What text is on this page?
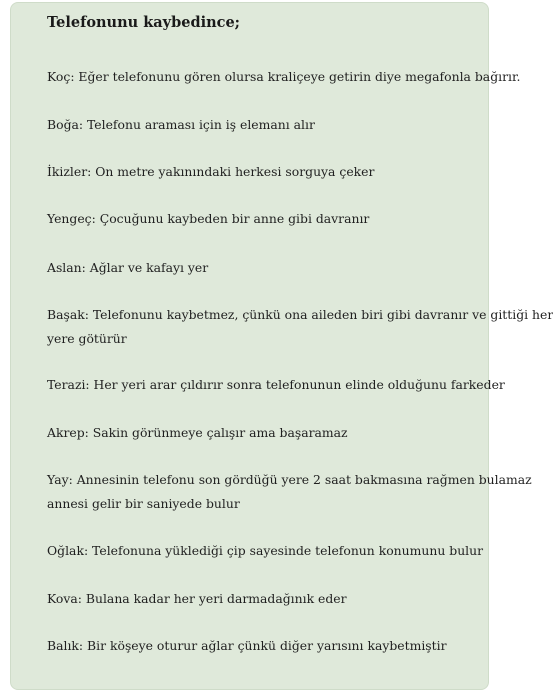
Telefonunu kaybedince;
Koç: Eğer telefonunu gören olursa kraliçeye getirin diye megafonla bağırır.
Boğa: Telefonu araması için iş elemanı alır
İkizler: On metre yakınındaki herkesi sorguya çeker
Yengeç: Çocuğunu kaybeden bir anne gibi davranır
Aslan: Ağlar ve kafayı yer
Başak: Telefonunu kaybetmez, çünkü ona aileden biri gibi davranır ve gittiği her
yere götürür
Terazi: Her yeri arar çıldırır sonra telefonunun elinde olduğunu farkeder
Akrep: Sakin görünmeye çalışır ama başaramaz
Yay: Annesinin telefonu son gördüğü yere 2 saat bakmasına rağmen bulamaz
annesi gelir bir saniyede bulur
Oğlak: Telefonuna yüklediği çip sayesinde telefonun konumunu bulur
Kova: Bulana kadar her yeri darmadağınık eder
Balık: Bir köşeye oturur ağlar çünkü diğer yarısını kaybetmiştir
